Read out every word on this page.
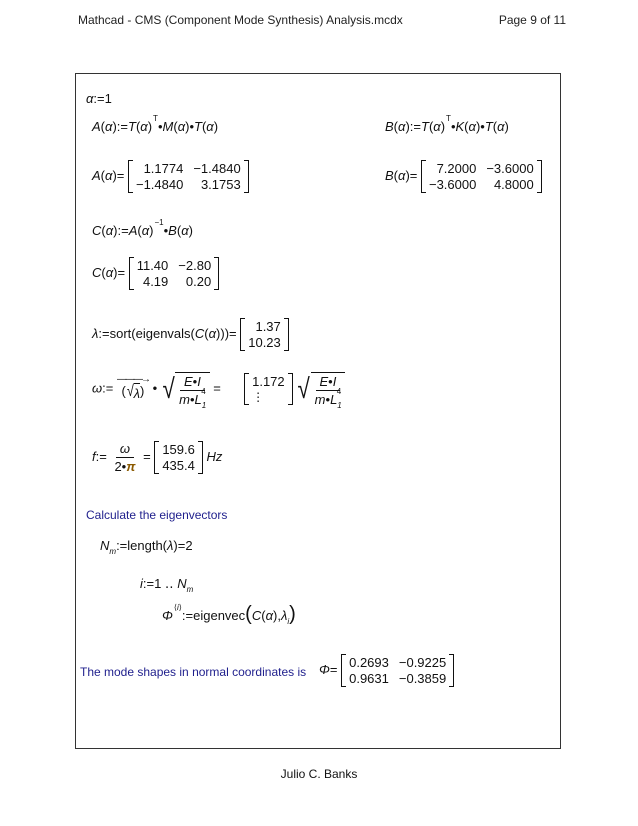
Mathcad - CMS (Component Mode Synthesis) Analysis.mcdx	Page 9 of 11
α:=1
$A(\alpha):=T(\alpha)^T•M(\alpha)•T(\alpha)$	$B(\alpha):=T(\alpha)^T•K(\alpha)•T(\alpha)$
A(α)=	1.1774 −1.4840
−1.4840	3.1753
B(α)=	7.2000 −3.6000
−3.6000	4.8000
$C(\alpha):=A(\alpha)^{-1}•B(\alpha)$
C(α)= 11.40 −2.80
4.19	0.20
λ:=sort(eigenvals(C(α)))=	1.37
10.23
ω:=
———→
( √ λ ) • √ $\frac{E•I}{m•L_1^4} = 1.172$
⋮
	√ $\frac{E•I}{m•L_1^4}$
f:= $\frac{\omega}{2•\pi} = 159.6$
435.4
Hz
Calculate the eigenvectors
$N_m:=length(\lambda)=2$
i:=1 ‥ $N_m$
$\Phi^{⟨i⟩}:=eigenvec(C(\alpha),\lambda_i)$
The mode shapes in normal coordinates is Φ= 0.2693 −0.9225
0.9631 −0.3859
Julio C. Banks
